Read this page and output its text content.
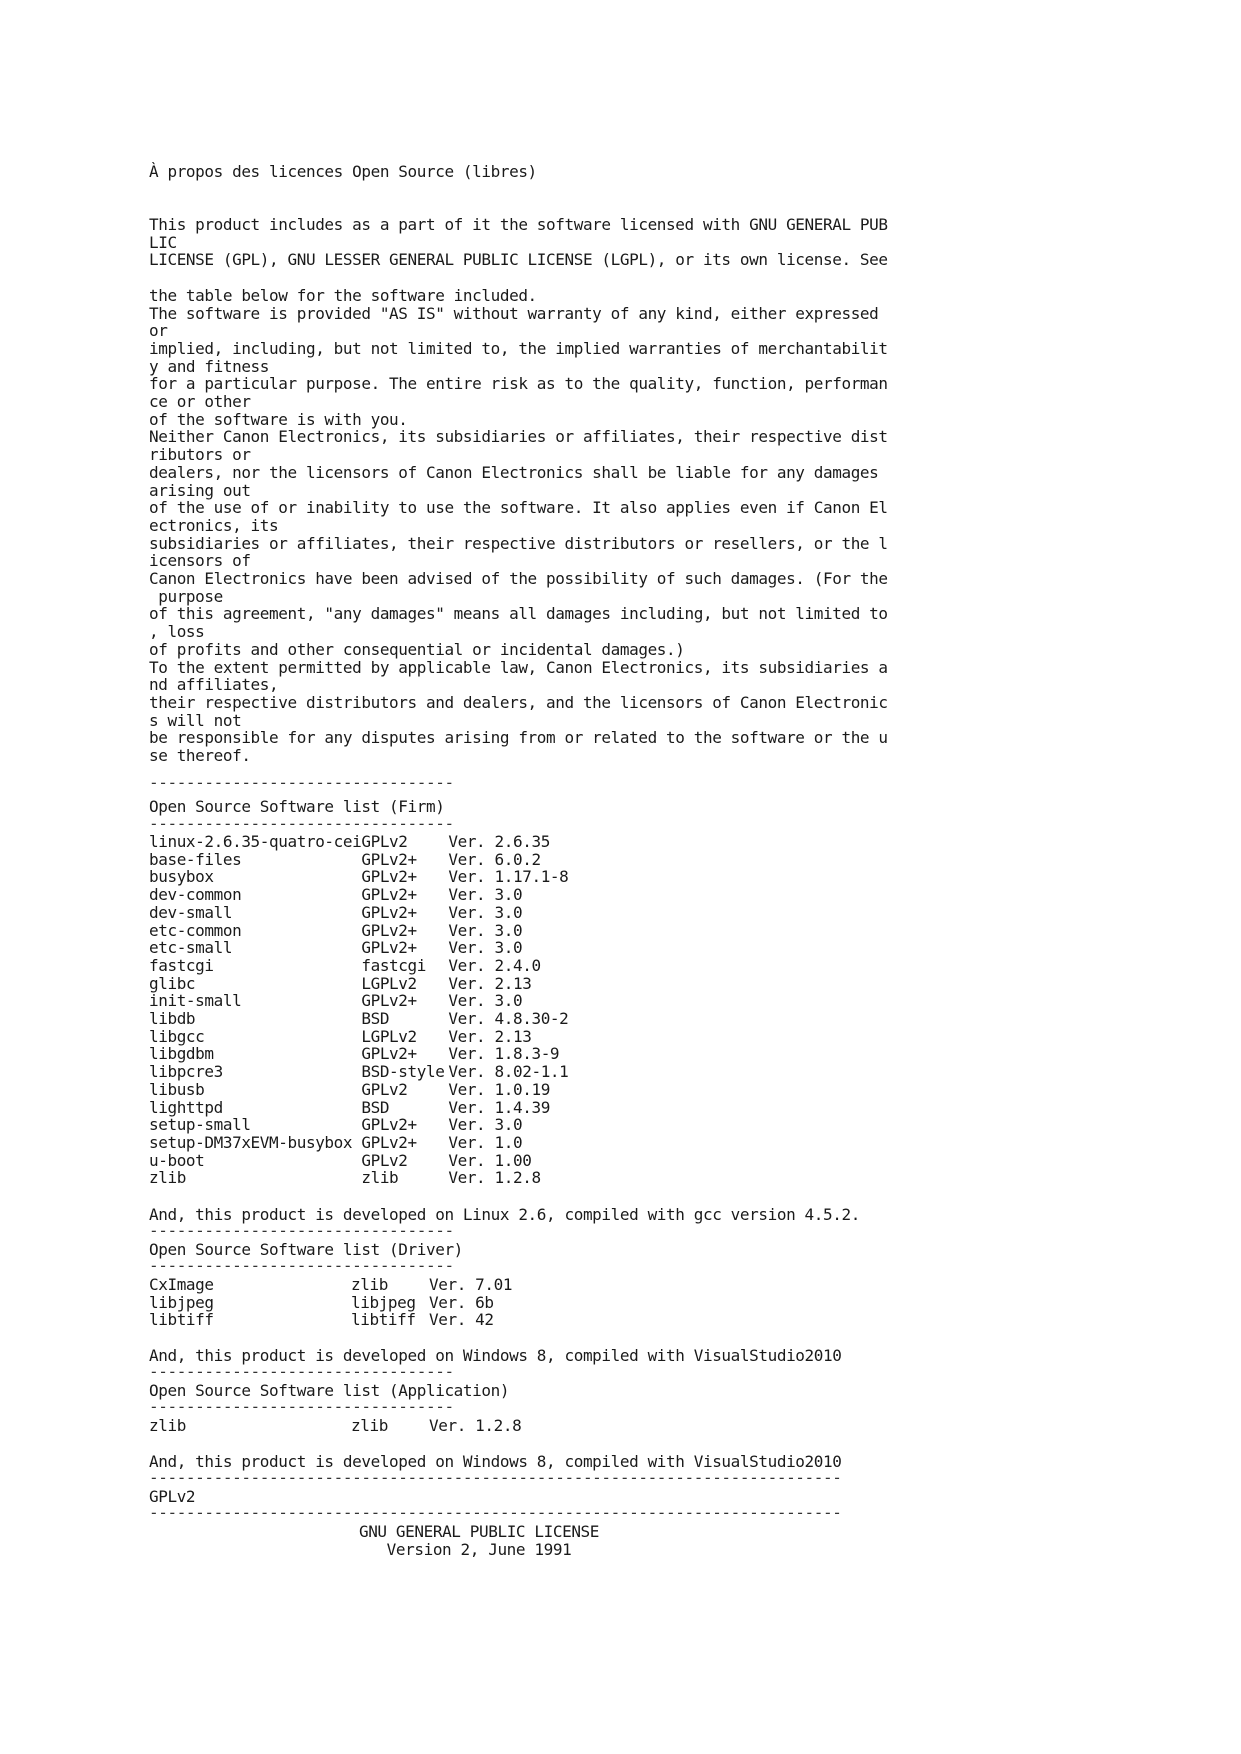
À propos des licences Open Source (libres)
This product includes as a part of it the software licensed with GNU GENERAL PUB
LIC
LICENSE (GPL), GNU LESSER GENERAL PUBLIC LICENSE (LGPL), or its own license. See
the table below for the software included.
The software is provided "AS IS" without warranty of any kind, either expressed
or
implied, including, but not limited to, the implied warranties of merchantabilit
y and fitness
for a particular purpose. The entire risk as to the quality, function, performan
ce or other
of the software is with you.
Neither Canon Electronics, its subsidiaries or affiliates, their respective dist
ributors or
dealers, nor the licensors of Canon Electronics shall be liable for any damages
arising out
of the use of or inability to use the software. It also applies even if Canon El
ectronics, its
subsidiaries or affiliates, their respective distributors or resellers, or the l
icensors of
Canon Electronics have been advised of the possibility of such damages. (For the
purpose
of this agreement, "any damages" means all damages including, but not limited to
, loss
of profits and other consequential or incidental damages.)
To the extent permitted by applicable law, Canon Electronics, its subsidiaries a
nd affiliates,
their respective distributors and dealers, and the licensors of Canon Electronic
s will not
be responsible for any disputes arising from or related to the software or the u
se thereof.
---------------------------------
Open Source Software list (Firm)
---------------------------------
linux-2.6.35-quatro-cei	GPLv2	Ver. 2.6.35
base-files	GPLv2+	Ver. 6.0.2
busybox	GPLv2+	Ver. 1.17.1-8
dev-common	GPLv2+	Ver. 3.0
dev-small	GPLv2+	Ver. 3.0
etc-common	GPLv2+	Ver. 3.0
etc-small	GPLv2+	Ver. 3.0
fastcgi	fastcgi	Ver. 2.4.0
glibc	LGPLv2	Ver. 2.13
init-small	GPLv2+	Ver. 3.0
libdb	BSD	Ver. 4.8.30-2
libgcc	LGPLv2	Ver. 2.13
libgdbm	GPLv2+	Ver. 1.8.3-9
libpcre3	BSD-style	Ver. 8.02-1.1
libusb	GPLv2	Ver. 1.0.19
lighttpd	BSD	Ver. 1.4.39
setup-small	GPLv2+	Ver. 3.0
setup-DM37xEVM-busybox	GPLv2+	Ver. 1.0
u-boot	GPLv2	Ver. 1.00
zlib	zlib	Ver. 1.2.8
And, this product is developed on Linux 2.6, compiled with gcc version 4.5.2.
---------------------------------
Open Source Software list (Driver)
---------------------------------
CxImage	zlib	Ver. 7.01
libjpeg	libjpeg	Ver. 6b
libtiff	libtiff	Ver. 42
And, this product is developed on Windows 8, compiled with VisualStudio2010
---------------------------------
Open Source Software list (Application)
---------------------------------
zlib	zlib	Ver. 1.2.8
And, this product is developed on Windows 8, compiled with VisualStudio2010
---------------------------------------------------------------------------
GPLv2
---------------------------------------------------------------------------
GNU GENERAL PUBLIC LICENSE
Version 2, June 1991
